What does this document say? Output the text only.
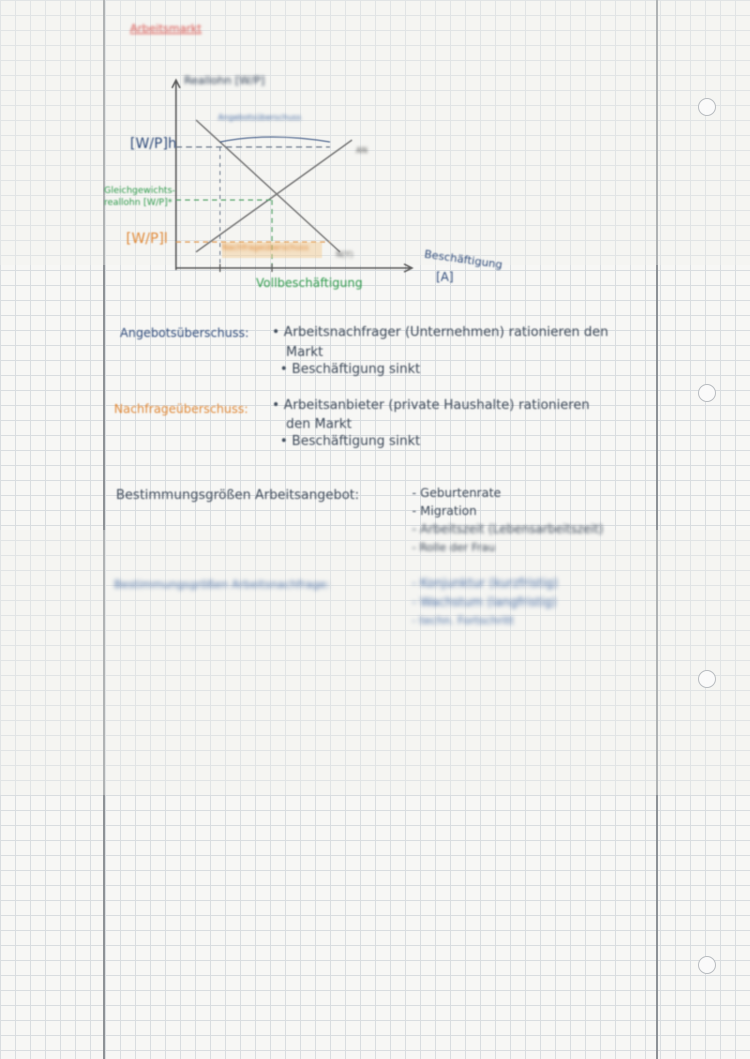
Arbeitsmarkt
Reallohn [W/P]
[W/P]h
Gleichgewichts-
reallohn [W/P]*
[W/P]l
Angebotsüberschuss
Nachfrageüberschuss
AN
N(Y)	Beschäftigung
[A]
Vollbeschäftigung
Angebotsüberschuss: • Arbeitsnachfrager (Unternehmen) rationieren den
Markt
• Beschäftigung sinkt
Nachfrageüberschuss: • Arbeitsanbieter (private Haushalte) rationieren
den Markt
• Beschäftigung sinkt
Bestimmungsgrößen Arbeitsangebot:	- Geburtenrate
- Migration
- Arbeitszeit (Lebensarbeitszeit)
- Rolle der Frau
Bestimmungsgrößen Arbeitsnachfrage:	- Konjunktur (kurzfristig)
- Wachstum (langfristig)
- techn. Fortschritt
